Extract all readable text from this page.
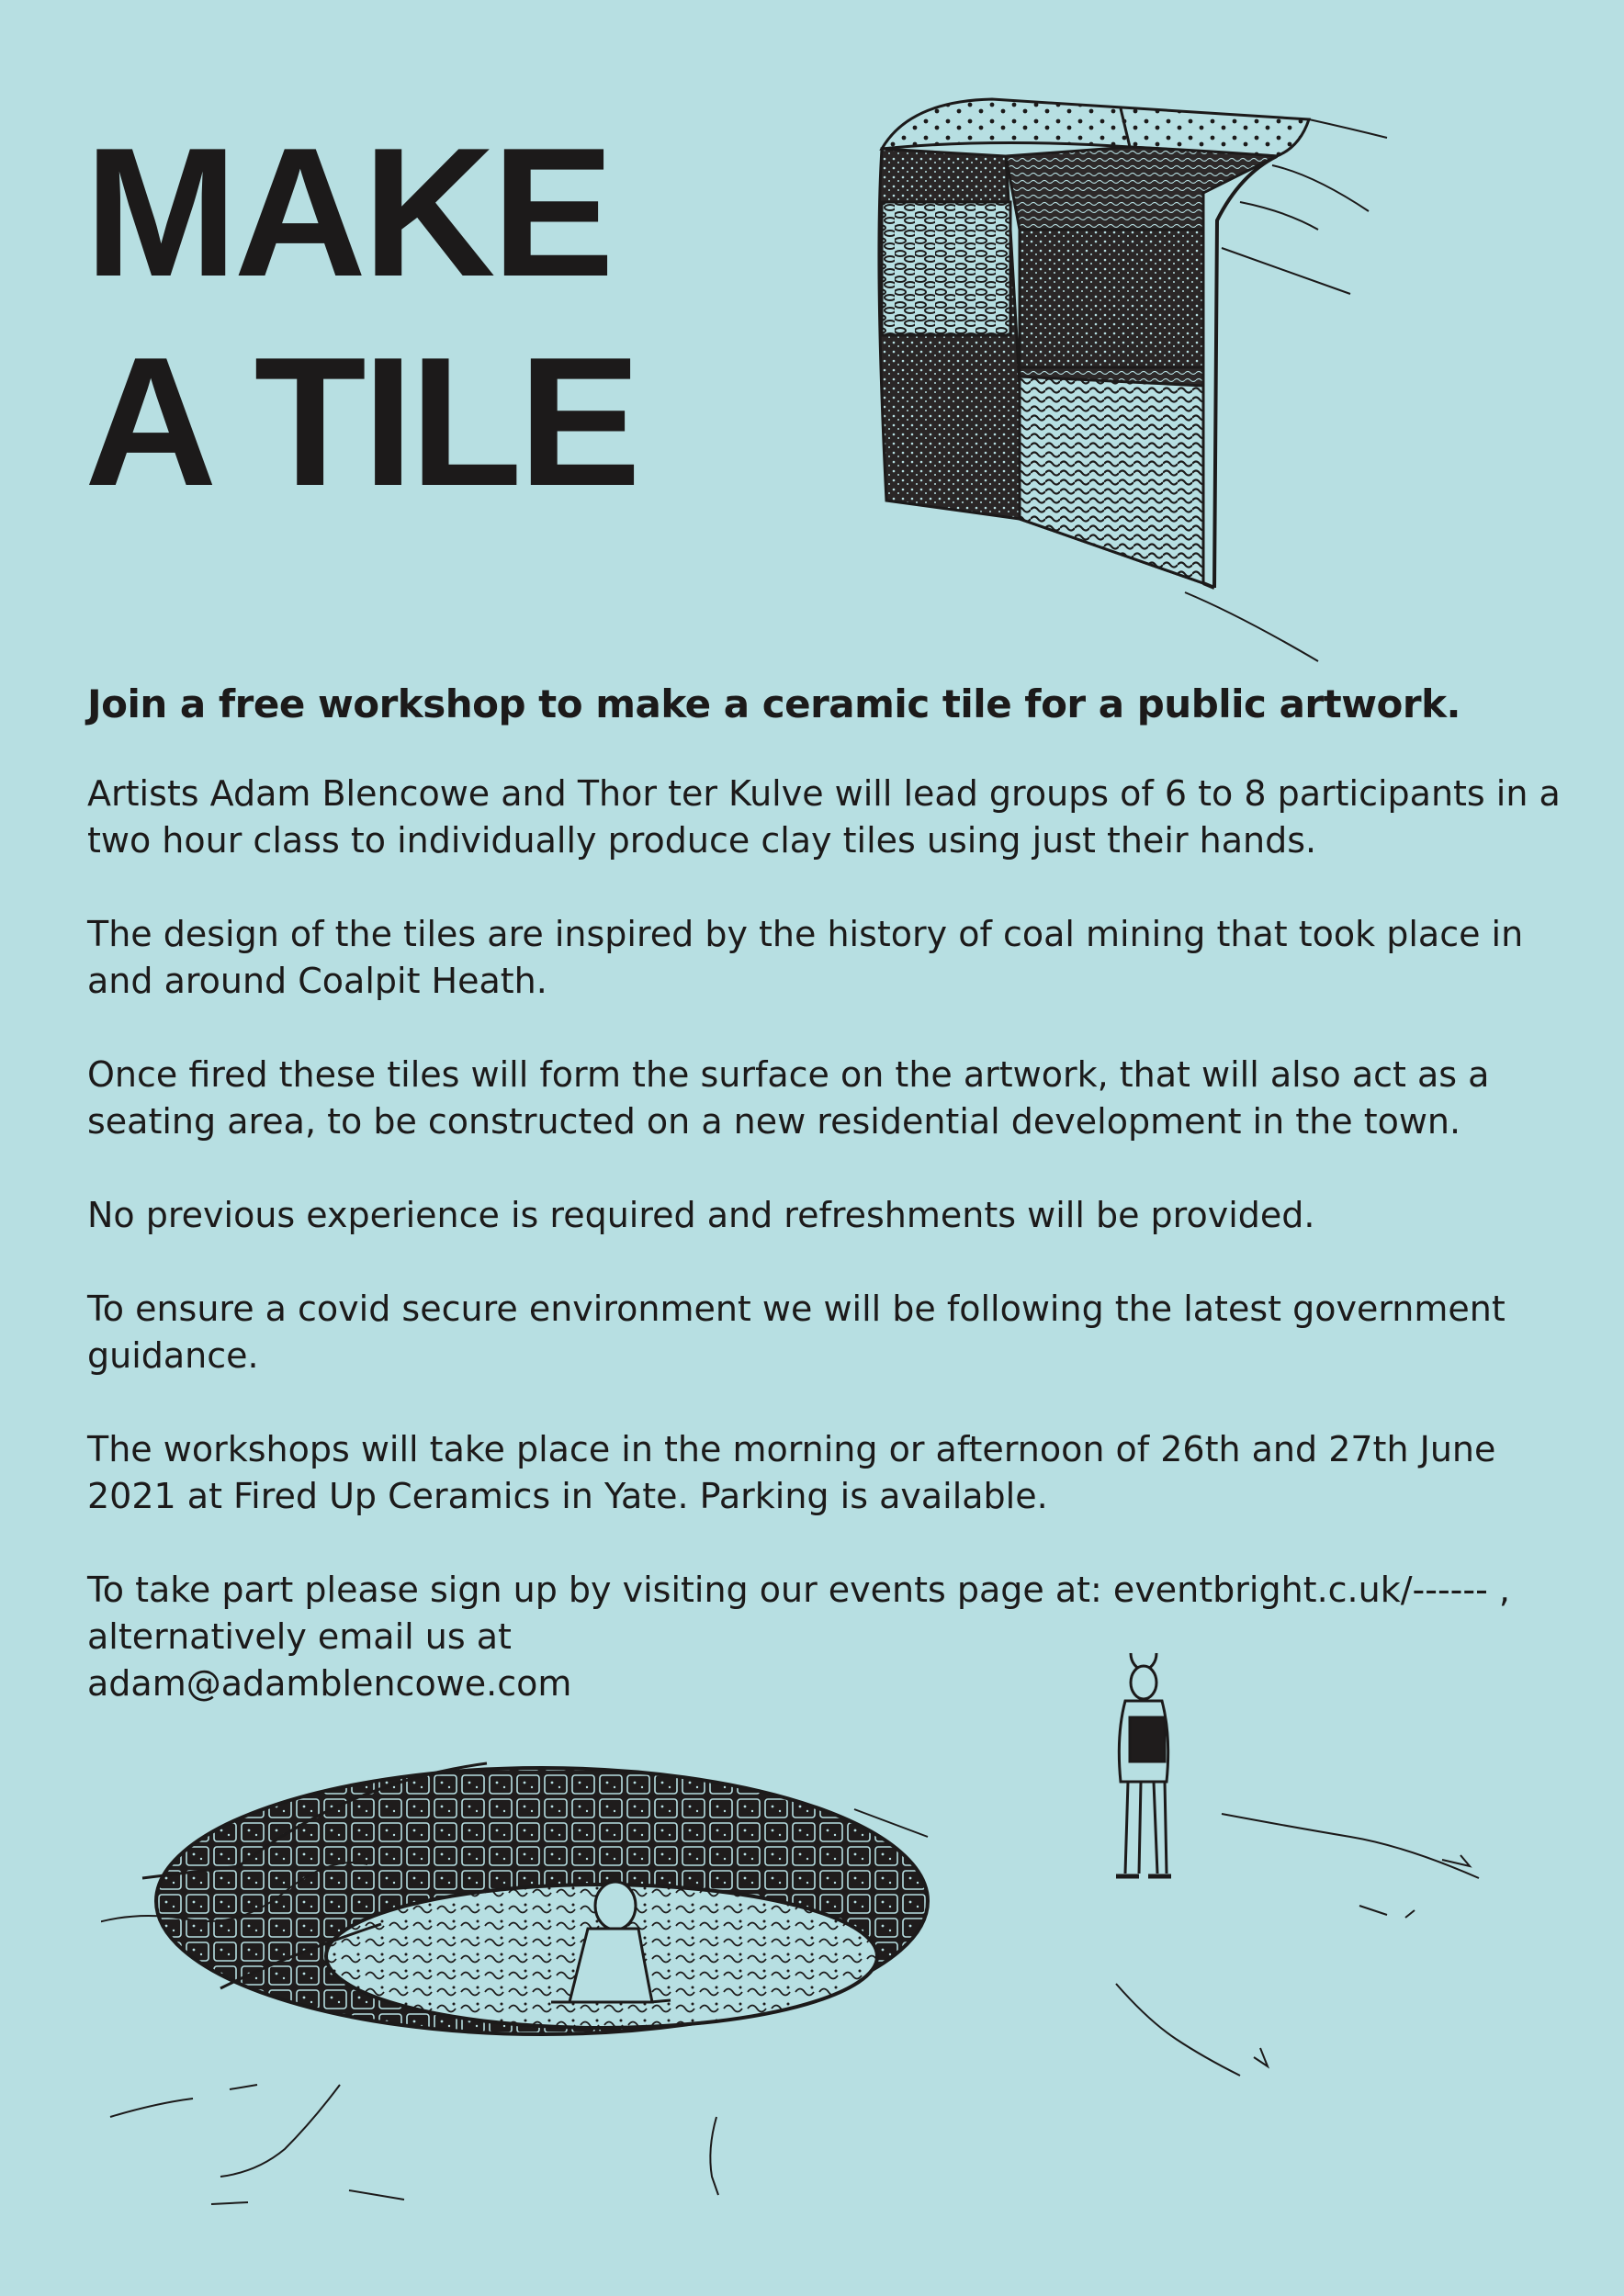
MAKE
A TILE

Join a free workshop to make a ceramic tile for a public artwork.

Artists Adam Blencowe and Thor ter Kulve will lead groups of 6 to 8 participants in a two hour class to individually produce clay tiles using just their hands.

The design of the tiles are inspired by the history of coal mining that took place in and around Coalpit Heath.

Once fired these tiles will form the surface on the artwork, that will also act as a seating area, to be constructed on a new residential development in the town.

No previous experience is required and refreshments will be provided.

To ensure a covid secure environment we will be following the latest government guidance.

The workshops will take place in the morning or afternoon of 26th and 27th June 2021 at Fired Up Ceramics in Yate. Parking is available.

To take part please sign up by visiting our events page at: eventbright.c.uk/------ , alternatively email us at
adam@adamblencowe.com
